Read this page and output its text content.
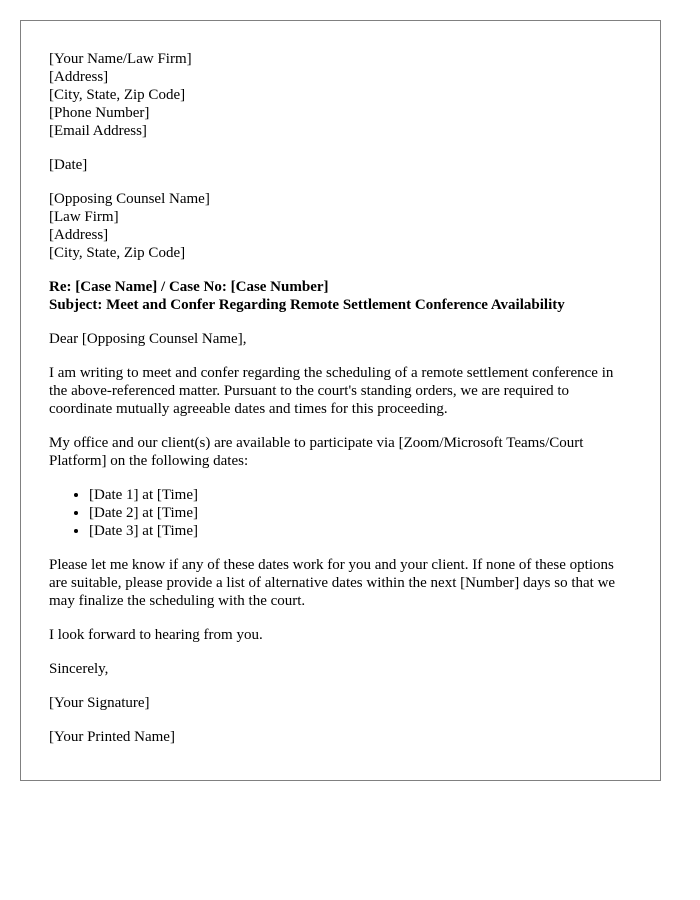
[Your Name/Law Firm]
[Address]
[City, State, Zip Code]
[Phone Number]
[Email Address]
[Date]
[Opposing Counsel Name]
[Law Firm]
[Address]
[City, State, Zip Code]
Re: [Case Name] / Case No: [Case Number]
Subject: Meet and Confer Regarding Remote Settlement Conference Availability

Dear [Opposing Counsel Name],

I am writing to meet and confer regarding the scheduling of a remote settlement conference in the above-referenced matter. Pursuant to the court's standing orders, we are required to coordinate mutually agreeable dates and times for this proceeding.

My office and our client(s) are available to participate via [Zoom/Microsoft Teams/Court Platform] on the following dates:

• [Date 1] at [Time]
• [Date 2] at [Time]
• [Date 3] at [Time]

Please let me know if any of these dates work for you and your client. If none of these options are suitable, please provide a list of alternative dates within the next [Number] days so that we may finalize the scheduling with the court.

I look forward to hearing from you.

Sincerely,

[Your Signature]

[Your Printed Name]
